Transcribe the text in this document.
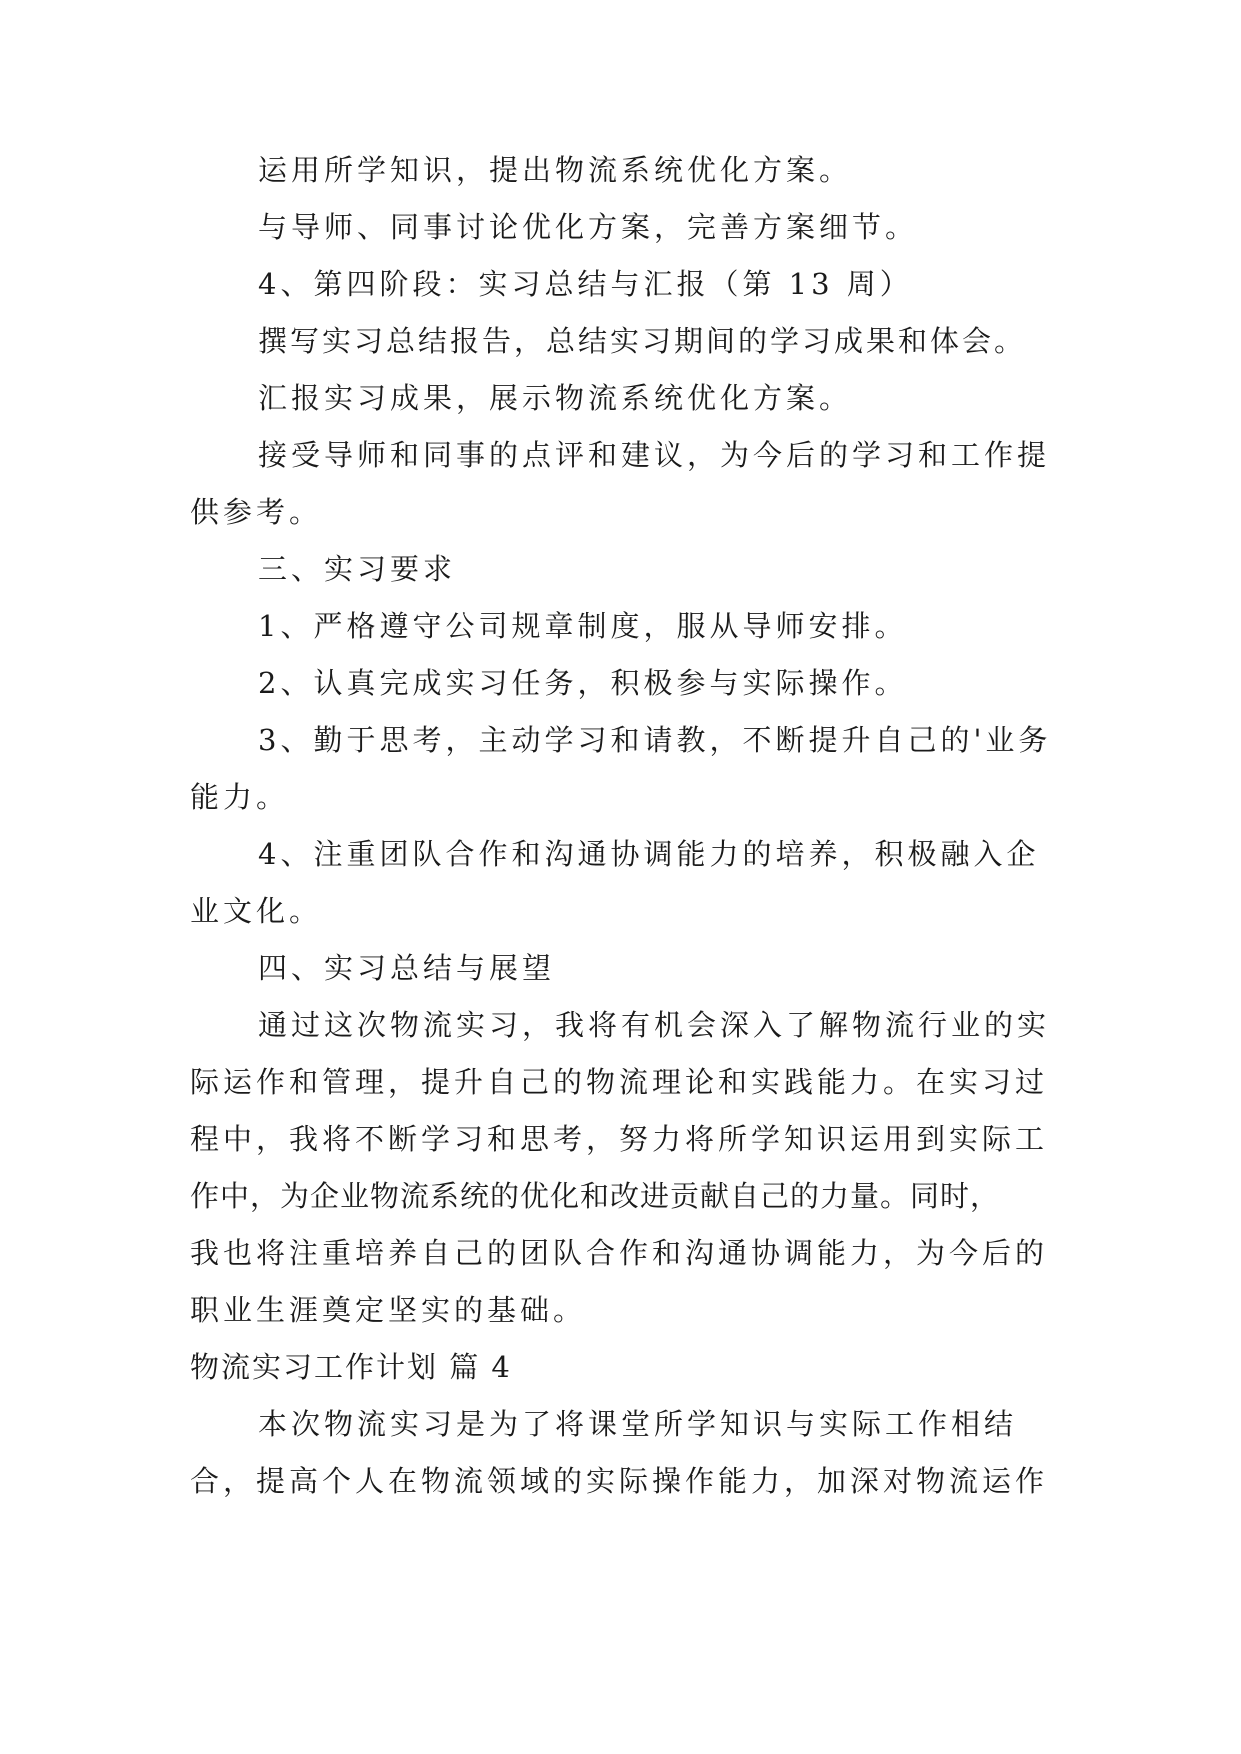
运用所学知识，提出物流系统优化方案。

与导师、同事讨论优化方案，完善方案细节。

4、第四阶段：实习总结与汇报（第 13 周）

撰写实习总结报告，总结实习期间的学习成果和体会。

汇报实习成果，展示物流系统优化方案。

接受导师和同事的点评和建议，为今后的学习和工作提

供参考。

三、实习要求

1、严格遵守公司规章制度，服从导师安排。

2、认真完成实习任务，积极参与实际操作。

3、勤于思考，主动学习和请教，不断提升自己的'业务

能力。

4、注重团队合作和沟通协调能力的培养，积极融入企

业文化。

四、实习总结与展望

通过这次物流实习，我将有机会深入了解物流行业的实

际运作和管理，提升自己的物流理论和实践能力。在实习过

程中，我将不断学习和思考，努力将所学知识运用到实际工

作中，为企业物流系统的优化和改进贡献自己的力量。同时，

我也将注重培养自己的团队合作和沟通协调能力，为今后的

职业生涯奠定坚实的基础。

物流实习工作计划 篇 4

本次物流实习是为了将课堂所学知识与实际工作相结

合，提高个人在物流领域的实际操作能力，加深对物流运作
